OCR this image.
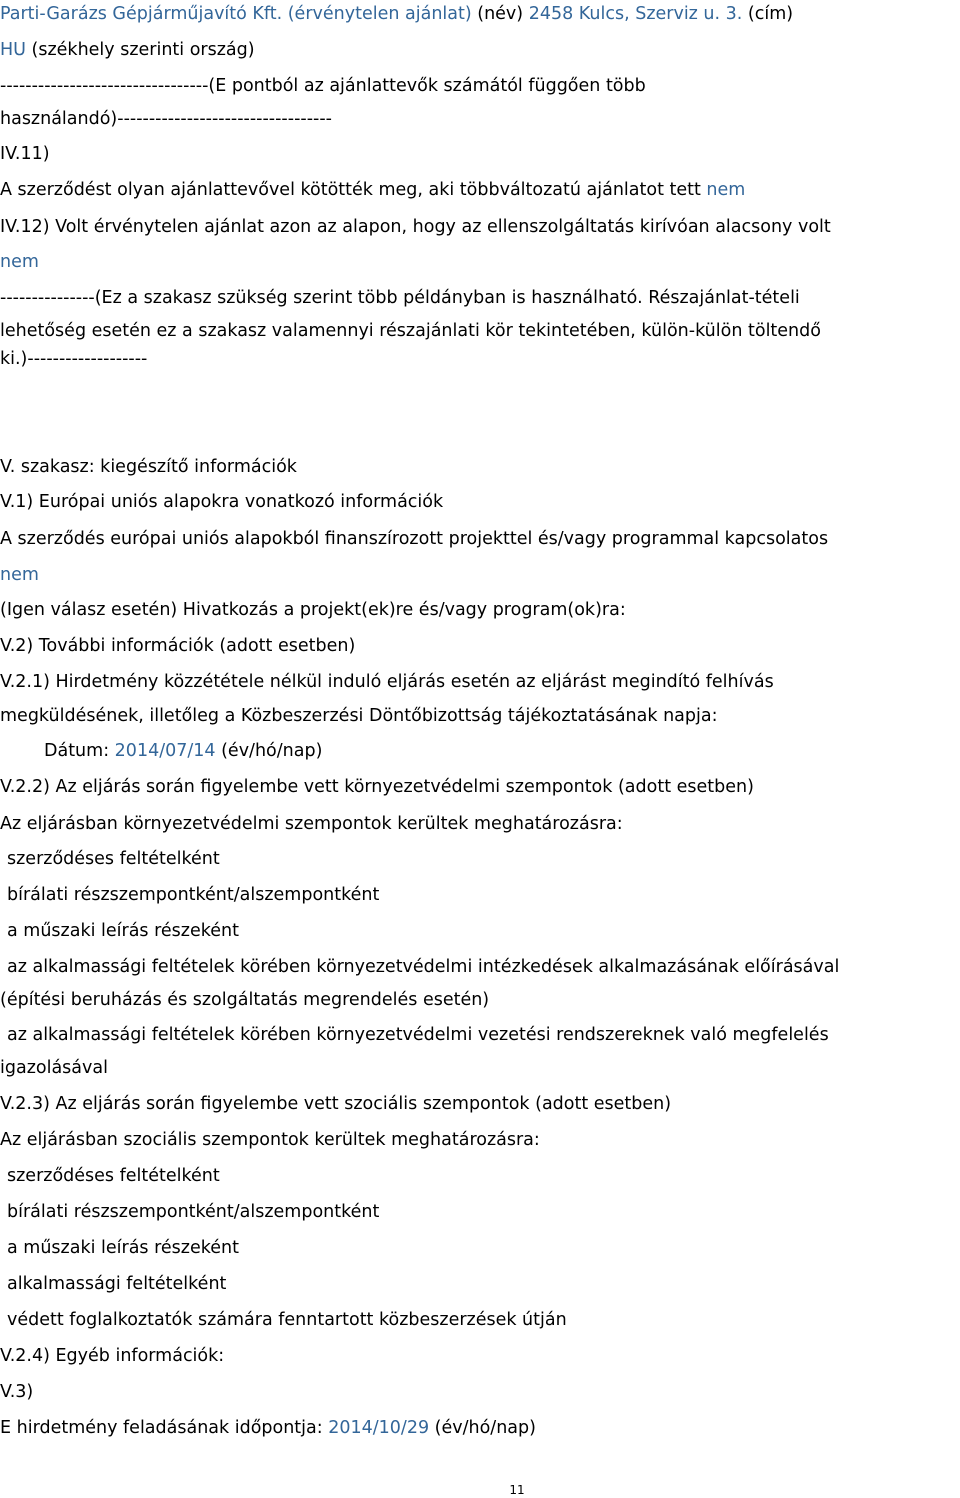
Parti-Garázs Gépjárműjavító Kft. (érvénytelen ajánlat) (név) 2458 Kulcs, Szerviz u. 3. (cím)
HU (székhely szerinti ország)
---------------------------------(E pontból az ajánlattevők számától függően több
használandó)----------------------------------
IV.11)
A szerződést olyan ajánlattevővel kötötték meg, aki többváltozatú ajánlatot tett nem
IV.12) Volt érvénytelen ajánlat azon az alapon, hogy az ellenszolgáltatás kirívóan alacsony volt
nem
---------------(Ez a szakasz szükség szerint több példányban is használható. Részajánlat-tételi
lehetőség esetén ez a szakasz valamennyi részajánlati kör tekintetében, külön-külön töltendő
ki.)-------------------
V. szakasz: kiegészítő információk
V.1) Európai uniós alapokra vonatkozó információk
A szerződés európai uniós alapokból finanszírozott projekttel és/vagy programmal kapcsolatos
nem
(Igen válasz esetén) Hivatkozás a projekt(ek)re és/vagy program(ok)ra:
V.2) További információk (adott esetben)
V.2.1) Hirdetmény közzététele nélkül induló eljárás esetén az eljárást megindító felhívás
megküldésének, illetőleg a Közbeszerzési Döntőbizottság tájékoztatásának napja:
Dátum: 2014/07/14 (év/hó/nap)
V.2.2) Az eljárás során figyelembe vett környezetvédelmi szempontok (adott esetben)
Az eljárásban környezetvédelmi szempontok kerültek meghatározásra:
szerződéses feltételként
bírálati részszempontként/alszempontként
a műszaki leírás részeként
az alkalmassági feltételek körében környezetvédelmi intézkedések alkalmazásának előírásával
(építési beruházás és szolgáltatás megrendelés esetén)
az alkalmassági feltételek körében környezetvédelmi vezetési rendszereknek való megfelelés
igazolásával
V.2.3) Az eljárás során figyelembe vett szociális szempontok (adott esetben)
Az eljárásban szociális szempontok kerültek meghatározásra:
szerződéses feltételként
bírálati részszempontként/alszempontként
a műszaki leírás részeként
alkalmassági feltételként
védett foglalkoztatók számára fenntartott közbeszerzések útján
V.2.4) Egyéb információk:
V.3)
E hirdetmény feladásának időpontja: 2014/10/29 (év/hó/nap)
11
